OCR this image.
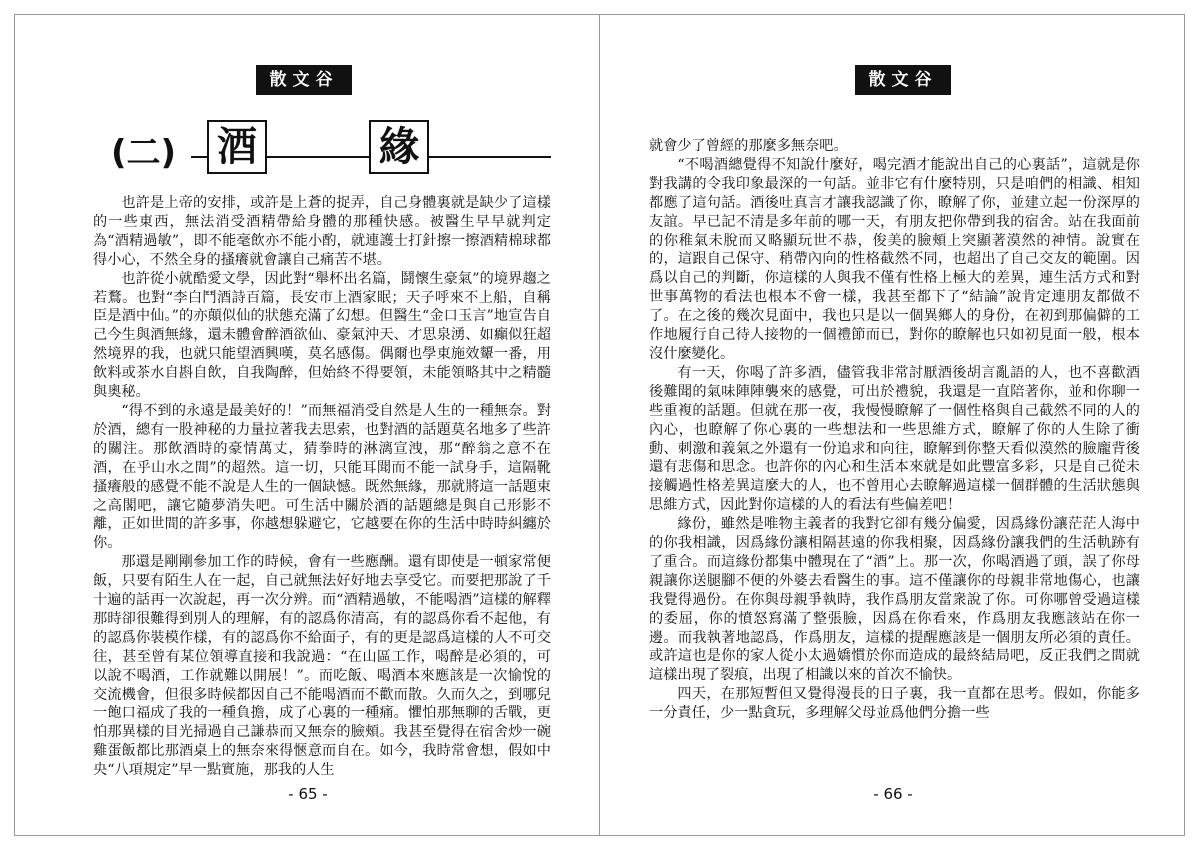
散文谷
(二) 酒	緣

也許是上帝的安排，或許是上蒼的捉弄，自己身體裏就是缺少了這樣的一些東西，無法消受酒精帶給身體的那種快感。被醫生早早就判定為“酒精過敏”，即不能毫飲亦不能小酌，就連護士打針擦一擦酒精棉球都得小心，不然全身的搔癢就會讓自己痛苦不堪。

也許從小就酷愛文學，因此對“舉杯出名篇，鬪懷生豪氣”的境界趨之若鶩。也對“李白鬥酒詩百篇，長安市上酒家眠；天子呼來不上船，自稱臣是酒中仙。”的亦顛似仙的狀態充滿了幻想。但醫生“金口玉言”地宣告自己今生與酒無緣，還未體會醉酒欲仙、豪氣沖天、才思泉湧、如癲似狂超然境界的我，也就只能望酒興嘆，莫名感傷。偶爾也學東施效顰一番，用飲料或茶水自斟自飲，自我陶醉，但始終不得要領，未能領略其中之精髓與奧秘。

“得不到的永遠是最美好的！”而無福消受自然是人生的一種無奈。對於酒，總有一股神秘的力量拉著我去思索，也對酒的話題莫名地多了些許的關注。那飲酒時的豪情萬丈，猜拳時的淋漓宣洩，那“醉翁之意不在酒，在乎山水之間”的超然。這一切，只能耳聞而不能一試身手，這隔靴搔癢般的感覺不能不說是人生的一個缺憾。既然無緣，那就將這一話題束之高閣吧，讓它隨夢消失吧。可生活中關於酒的話題總是與自己形影不離，正如世間的許多事，你越想躲避它，它越要在你的生活中時時糾纏於你。

那還是剛剛參加工作的時候，會有一些應酬。還有即使是一頓家常便飯，只要有陌生人在一起，自己就無法好好地去享受它。而要把那說了千十遍的話再一次說起，再一次分辨。而“酒精過敏，不能喝酒”這樣的解釋那時卻很難得到別人的理解，有的認爲你清高，有的認爲你看不起他，有的認爲你裝模作樣，有的認爲你不給面子，有的更是認爲這樣的人不可交往，甚至曾有某位領導直接和我說過：“在山區工作，喝醉是必須的，可以說不喝酒，工作就難以開展！”。而吃飯、喝酒本來應該是一次愉悅的交流機會，但很多時候都因自己不能喝酒而不歡而散。久而久之，到哪兒一飽口福成了我的一種負擔，成了心裏的一種痛。懼怕那無聊的舌戰，更怕那異樣的目光掃過自己謙恭而又無奈的臉頰。我甚至覺得在宿舍炒一碗雞蛋飯都比那酒桌上的無奈來得愜意而自在。如今，我時常會想，假如中央“八項規定”早一點實施，那我的人生

- 65 -
散文谷

就會少了曾經的那麼多無奈吧。

“不喝酒總覺得不知說什麼好，喝完酒才能說出自己的心裏話”，這就是你對我講的令我印象最深的一句話。並非它有什麼特別，只是咱們的相識、相知都應了這句話。酒後吐真言才讓我認識了你，瞭解了你，並建立起一份深厚的友誼。早已記不清是多年前的哪一天，有朋友把你帶到我的宿舍。站在我面前的你稚氣未脫而又略顯玩世不恭，俊美的臉頰上突顯著漠然的神情。說實在的，這跟自己保守、稍帶內向的性格截然不同，也超出了自己交友的範圍。因爲以自己的判斷，你這樣的人與我不僅有性格上極大的差異，連生活方式和對世事萬物的看法也根本不會一樣，我甚至都下了“結論”說肯定連朋友都做不了。在之後的幾次見面中，我也只是以一個異鄉人的身份，在初到那偏僻的工作地履行自己待人接物的一個禮節而已，對你的瞭解也只如初見面一般，根本沒什麼變化。

有一天，你喝了許多酒，儘管我非常討厭酒後胡言亂語的人，也不喜歡酒後難聞的氣味陣陣襲來的感覺，可出於禮貌，我還是一直陪著你，並和你聊一些重複的話題。但就在那一夜，我慢慢瞭解了一個性格與自己截然不同的人的內心，也瞭解了你心裏的一些想法和一些思維方式，瞭解了你的人生除了衝動、刺激和義氣之外還有一份追求和向往，瞭解到你整天看似漠然的臉龐背後還有悲傷和思念。也許你的內心和生活本來就是如此豐富多彩，只是自己從未接觸過性格差異這麼大的人，也不曾用心去瞭解過這樣一個群體的生活狀態與思維方式，因此對你這樣的人的看法有些偏差吧！

緣份，雖然是唯物主義者的我對它卻有幾分偏愛，因爲緣份讓茫茫人海中的你我相識，因爲緣份讓相隔甚遠的你我相聚，因爲緣份讓我們的生活軌跡有了重合。而這緣份都集中體現在了“酒”上。那一次，你喝酒過了頭，誤了你母親讓你送腿腳不便的外婆去看醫生的事。這不僅讓你的母親非常地傷心，也讓我覺得過份。在你與母親爭執時，我作爲朋友當衆說了你。可你哪曾受過這樣的委屈，你的憤怒寫滿了整張臉，因爲在你看來，作爲朋友我應該站在你一邊。而我執著地認爲，作爲朋友，這樣的提醒應該是一個朋友所必須的責任。或許這也是你的家人從小太過嬌慣於你而造成的最終結局吧，反正我們之間就這樣出現了裂痕，出現了相識以來的首次不愉快。

四天，在那短暫但又覺得漫長的日子裏，我一直都在思考。假如，你能多一分責任，少一點貪玩，多理解父母並爲他們分擔一些

- 66 -
